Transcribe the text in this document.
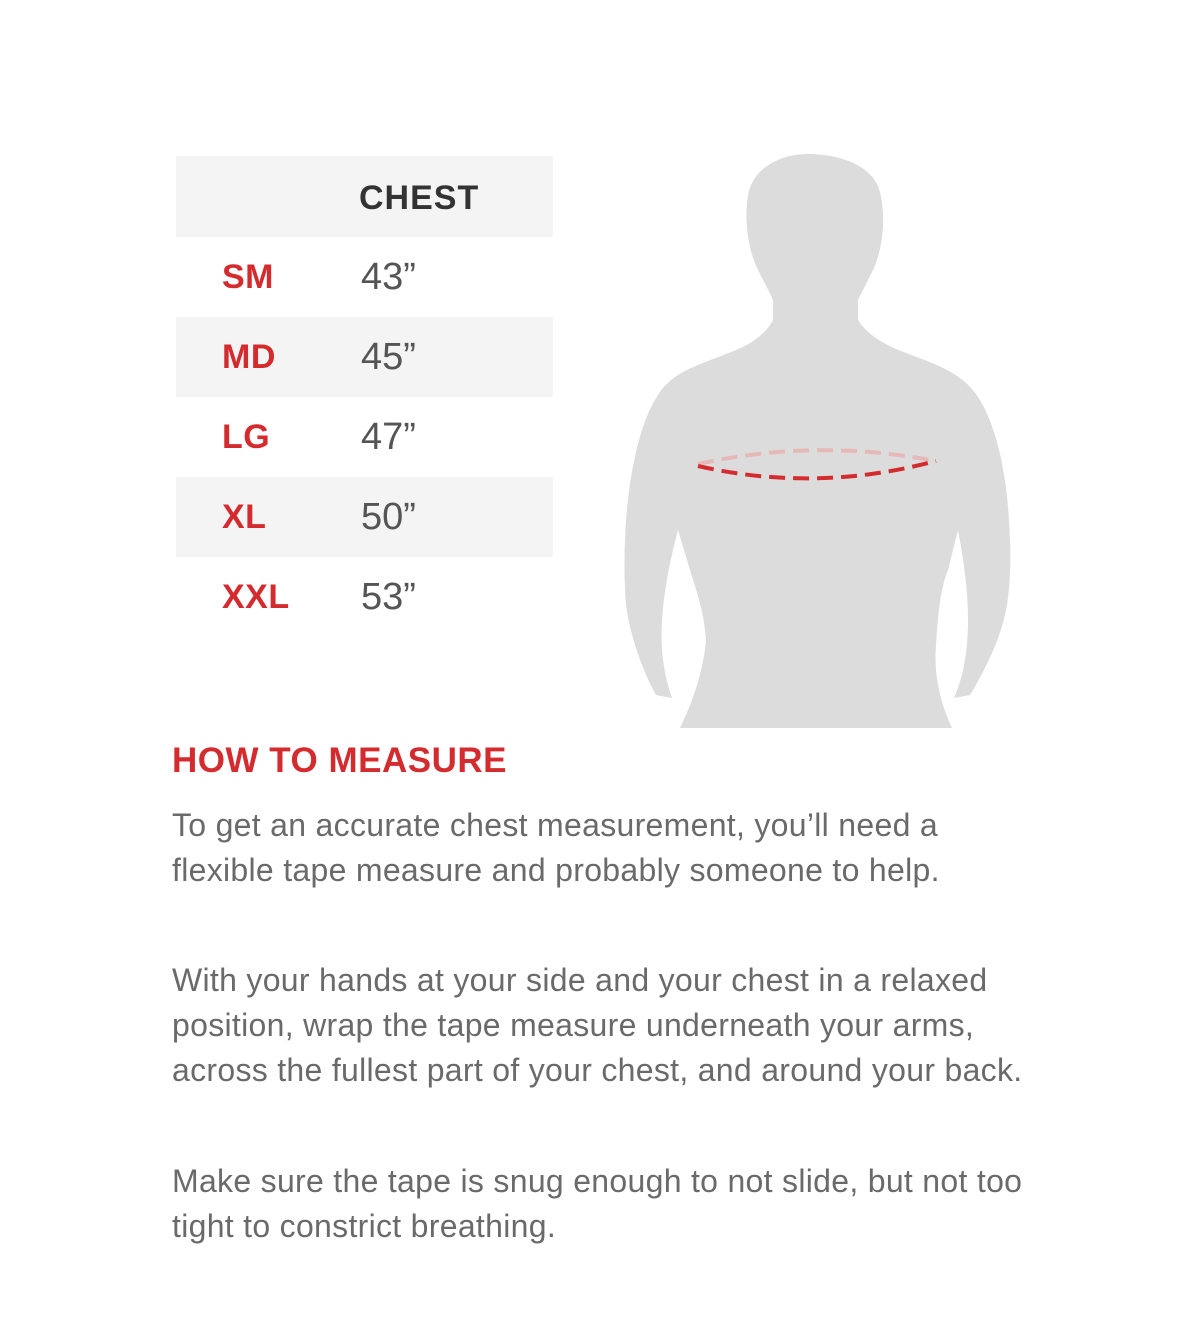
CHEST
SM 43”
MD 45”
LG 47”
XL 50”
XXL 53”
HOW TO MEASURE

To get an accurate chest measurement, you’ll need a flexible tape measure and probably someone to help.

With your hands at your side and your chest in a relaxed position, wrap the tape measure underneath your arms, across the fullest part of your chest, and around your back.

Make sure the tape is snug enough to not slide, but not too tight to constrict breathing.
